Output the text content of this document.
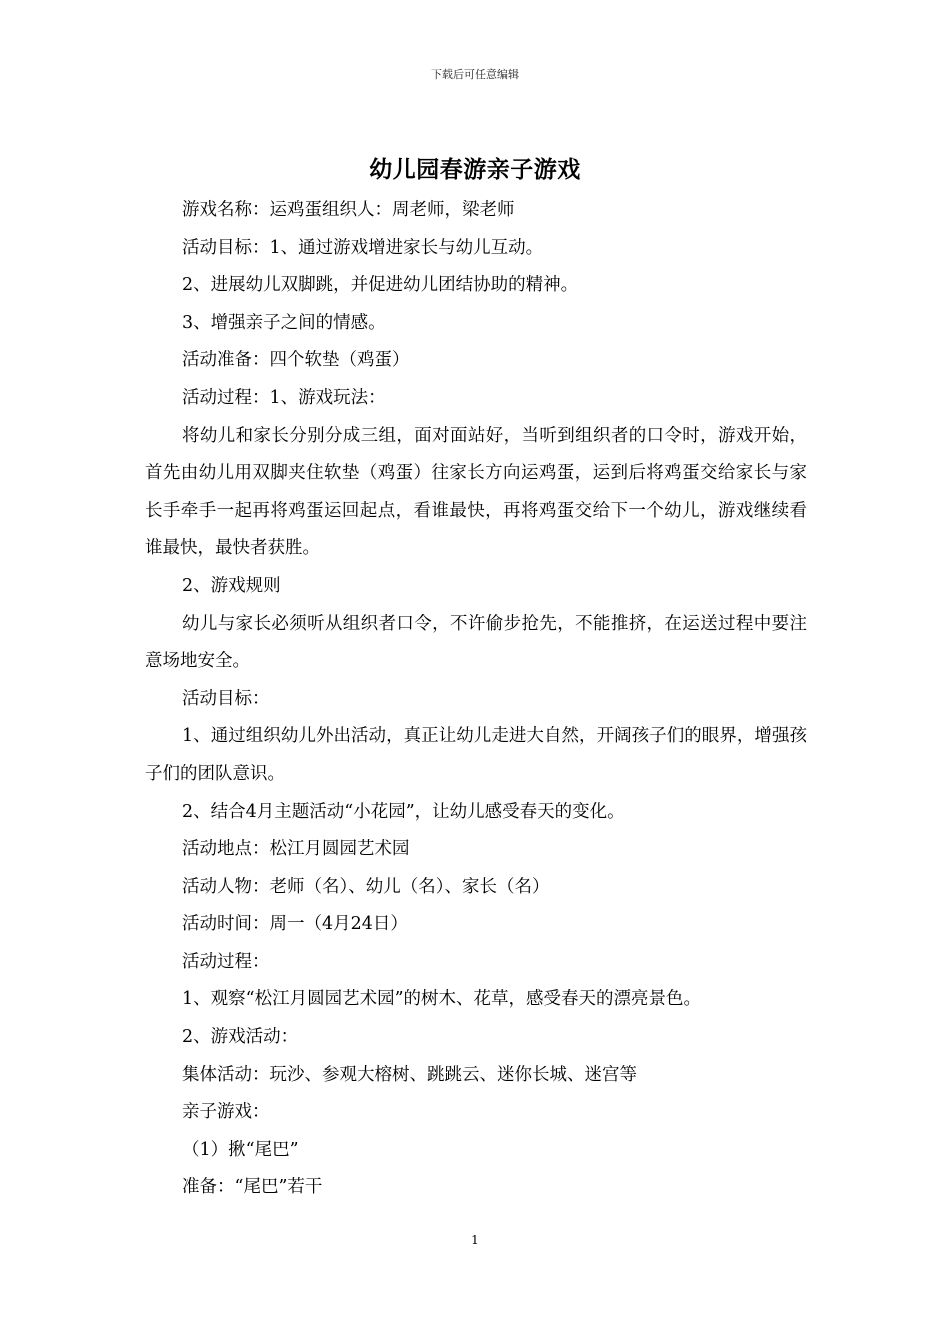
下载后可任意编辑
幼儿园春游亲子游戏

游戏名称：运鸡蛋组织人：周老师，梁老师

活动目标：1、通过游戏增进家长与幼儿互动。

2、进展幼儿双脚跳，并促进幼儿团结协助的精神。

3、增强亲子之间的情感。

活动准备：四个软垫（鸡蛋）

活动过程：1、游戏玩法：

将幼儿和家长分别分成三组，面对面站好，当听到组织者的口令时，游戏开始，首先由幼儿用双脚夹住软垫（鸡蛋）往家长方向运鸡蛋，运到后将鸡蛋交给家长与家长手牵手一起再将鸡蛋运回起点，看谁最快，再将鸡蛋交给下一个幼儿，游戏继续看谁最快，最快者获胜。

2、游戏规则

幼儿与家长必须听从组织者口令，不许偷步抢先，不能推挤，在运送过程中要注意场地安全。

活动目标：

1、通过组织幼儿外出活动，真正让幼儿走进大自然，开阔孩子们的眼界，增强孩子们的团队意识。

2、结合4月主题活动“小花园”，让幼儿感受春天的变化。

活动地点：松江月圆园艺术园

活动人物：老师（名）、幼儿（名）、家长（名）

活动时间：周一（4月24日）

活动过程：

1、观察“松江月圆园艺术园”的树木、花草，感受春天的漂亮景色。

2、游戏活动：

集体活动：玩沙、参观大榕树、跳跳云、迷你长城、迷宫等

亲子游戏：

（1）揪“尾巴”

准备：“尾巴”若干

1
